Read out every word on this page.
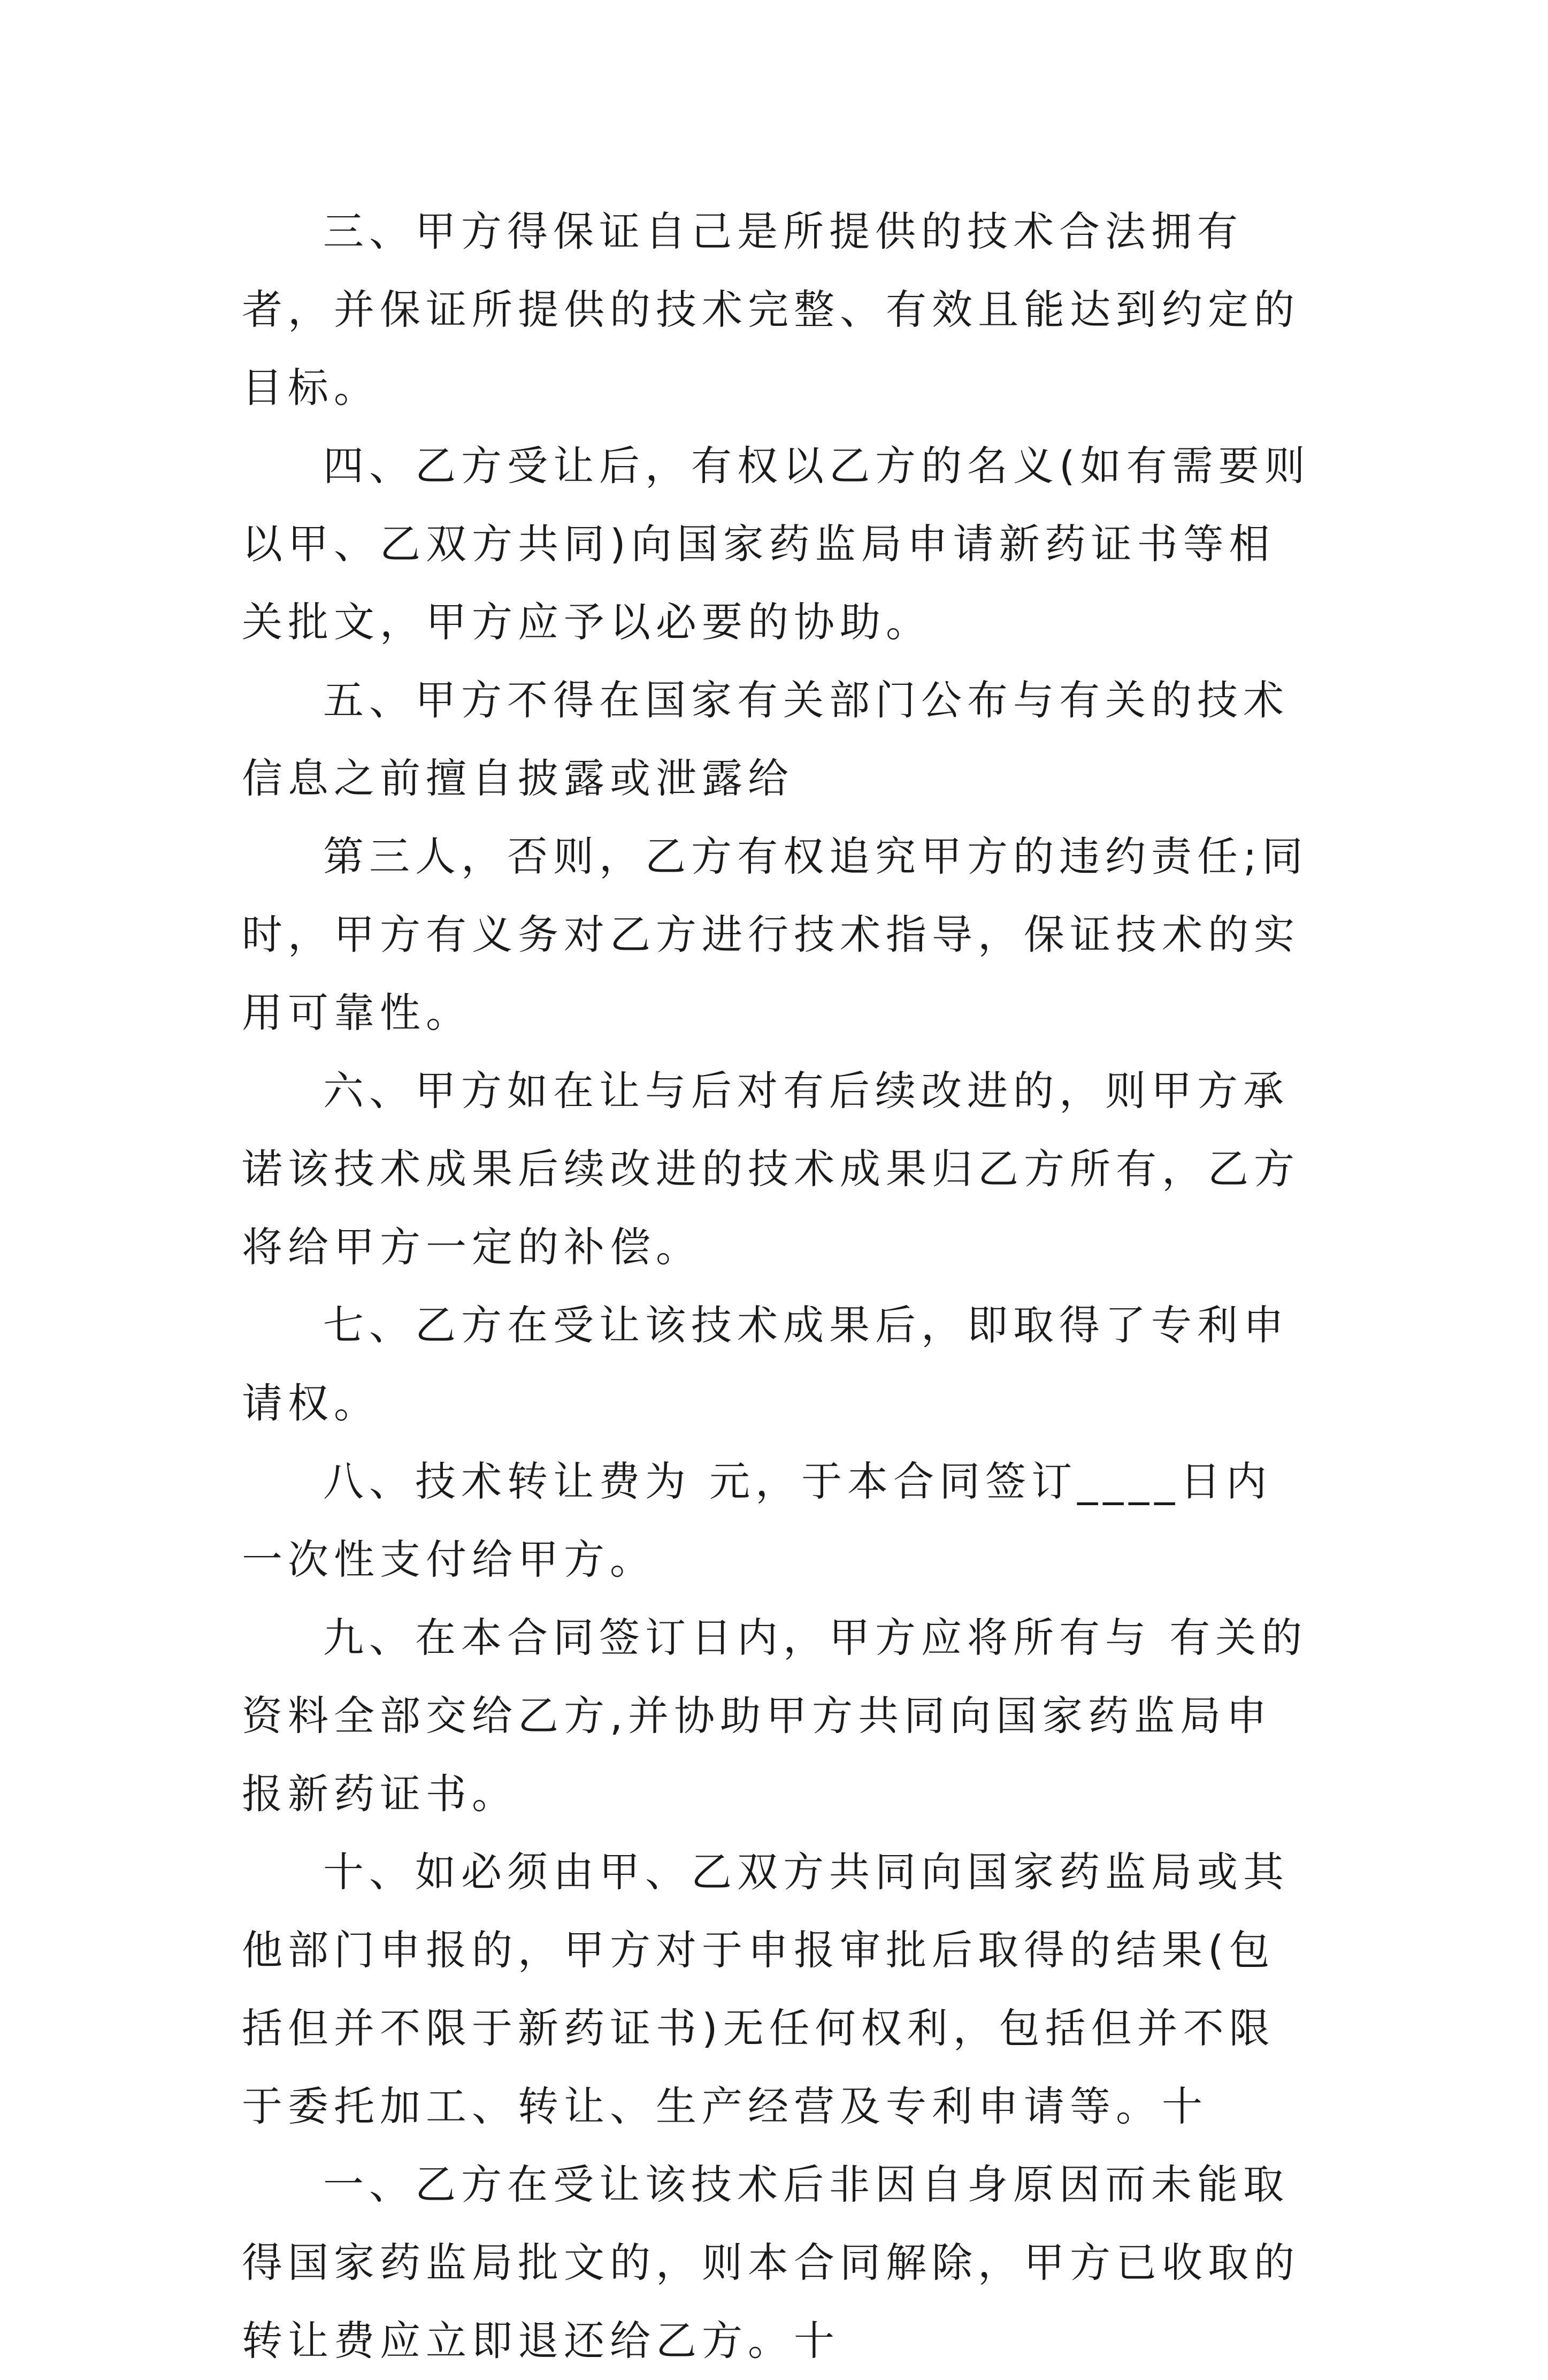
三、甲方得保证自己是所提供的技术合法拥有者，并保证所提供的技术完整、有效且能达到约定的目标。

四、乙方受让后，有权以乙方的名义(如有需要则以甲、乙双方共同)向国家药监局申请新药证书等相关批文，甲方应予以必要的协助。

五、甲方不得在国家有关部门公布与有关的技术信息之前擅自披露或泄露给

第三人，否则，乙方有权追究甲方的违约责任;同时，甲方有义务对乙方进行技术指导，保证技术的实用可靠性。

六、甲方如在让与后对有后续改进的，则甲方承诺该技术成果后续改进的技术成果归乙方所有，乙方将给甲方一定的补偿。

七、乙方在受让该技术成果后，即取得了专利申请权。

八、技术转让费为 元，于本合同签订____日内一次性支付给甲方。

九、在本合同签订日内，甲方应将所有与 有关的资料全部交给乙方,并协助甲方共同向国家药监局申报新药证书。

十、如必须由甲、乙双方共同向国家药监局或其他部门申报的，甲方对于申报审批后取得的结果(包括但并不限于新药证书)无任何权利，包括但并不限于委托加工、转让、生产经营及专利申请等。十

一、乙方在受让该技术后非因自身原因而未能取得国家药监局批文的，则本合同解除，甲方已收取的转让费应立即退还给乙方。十
